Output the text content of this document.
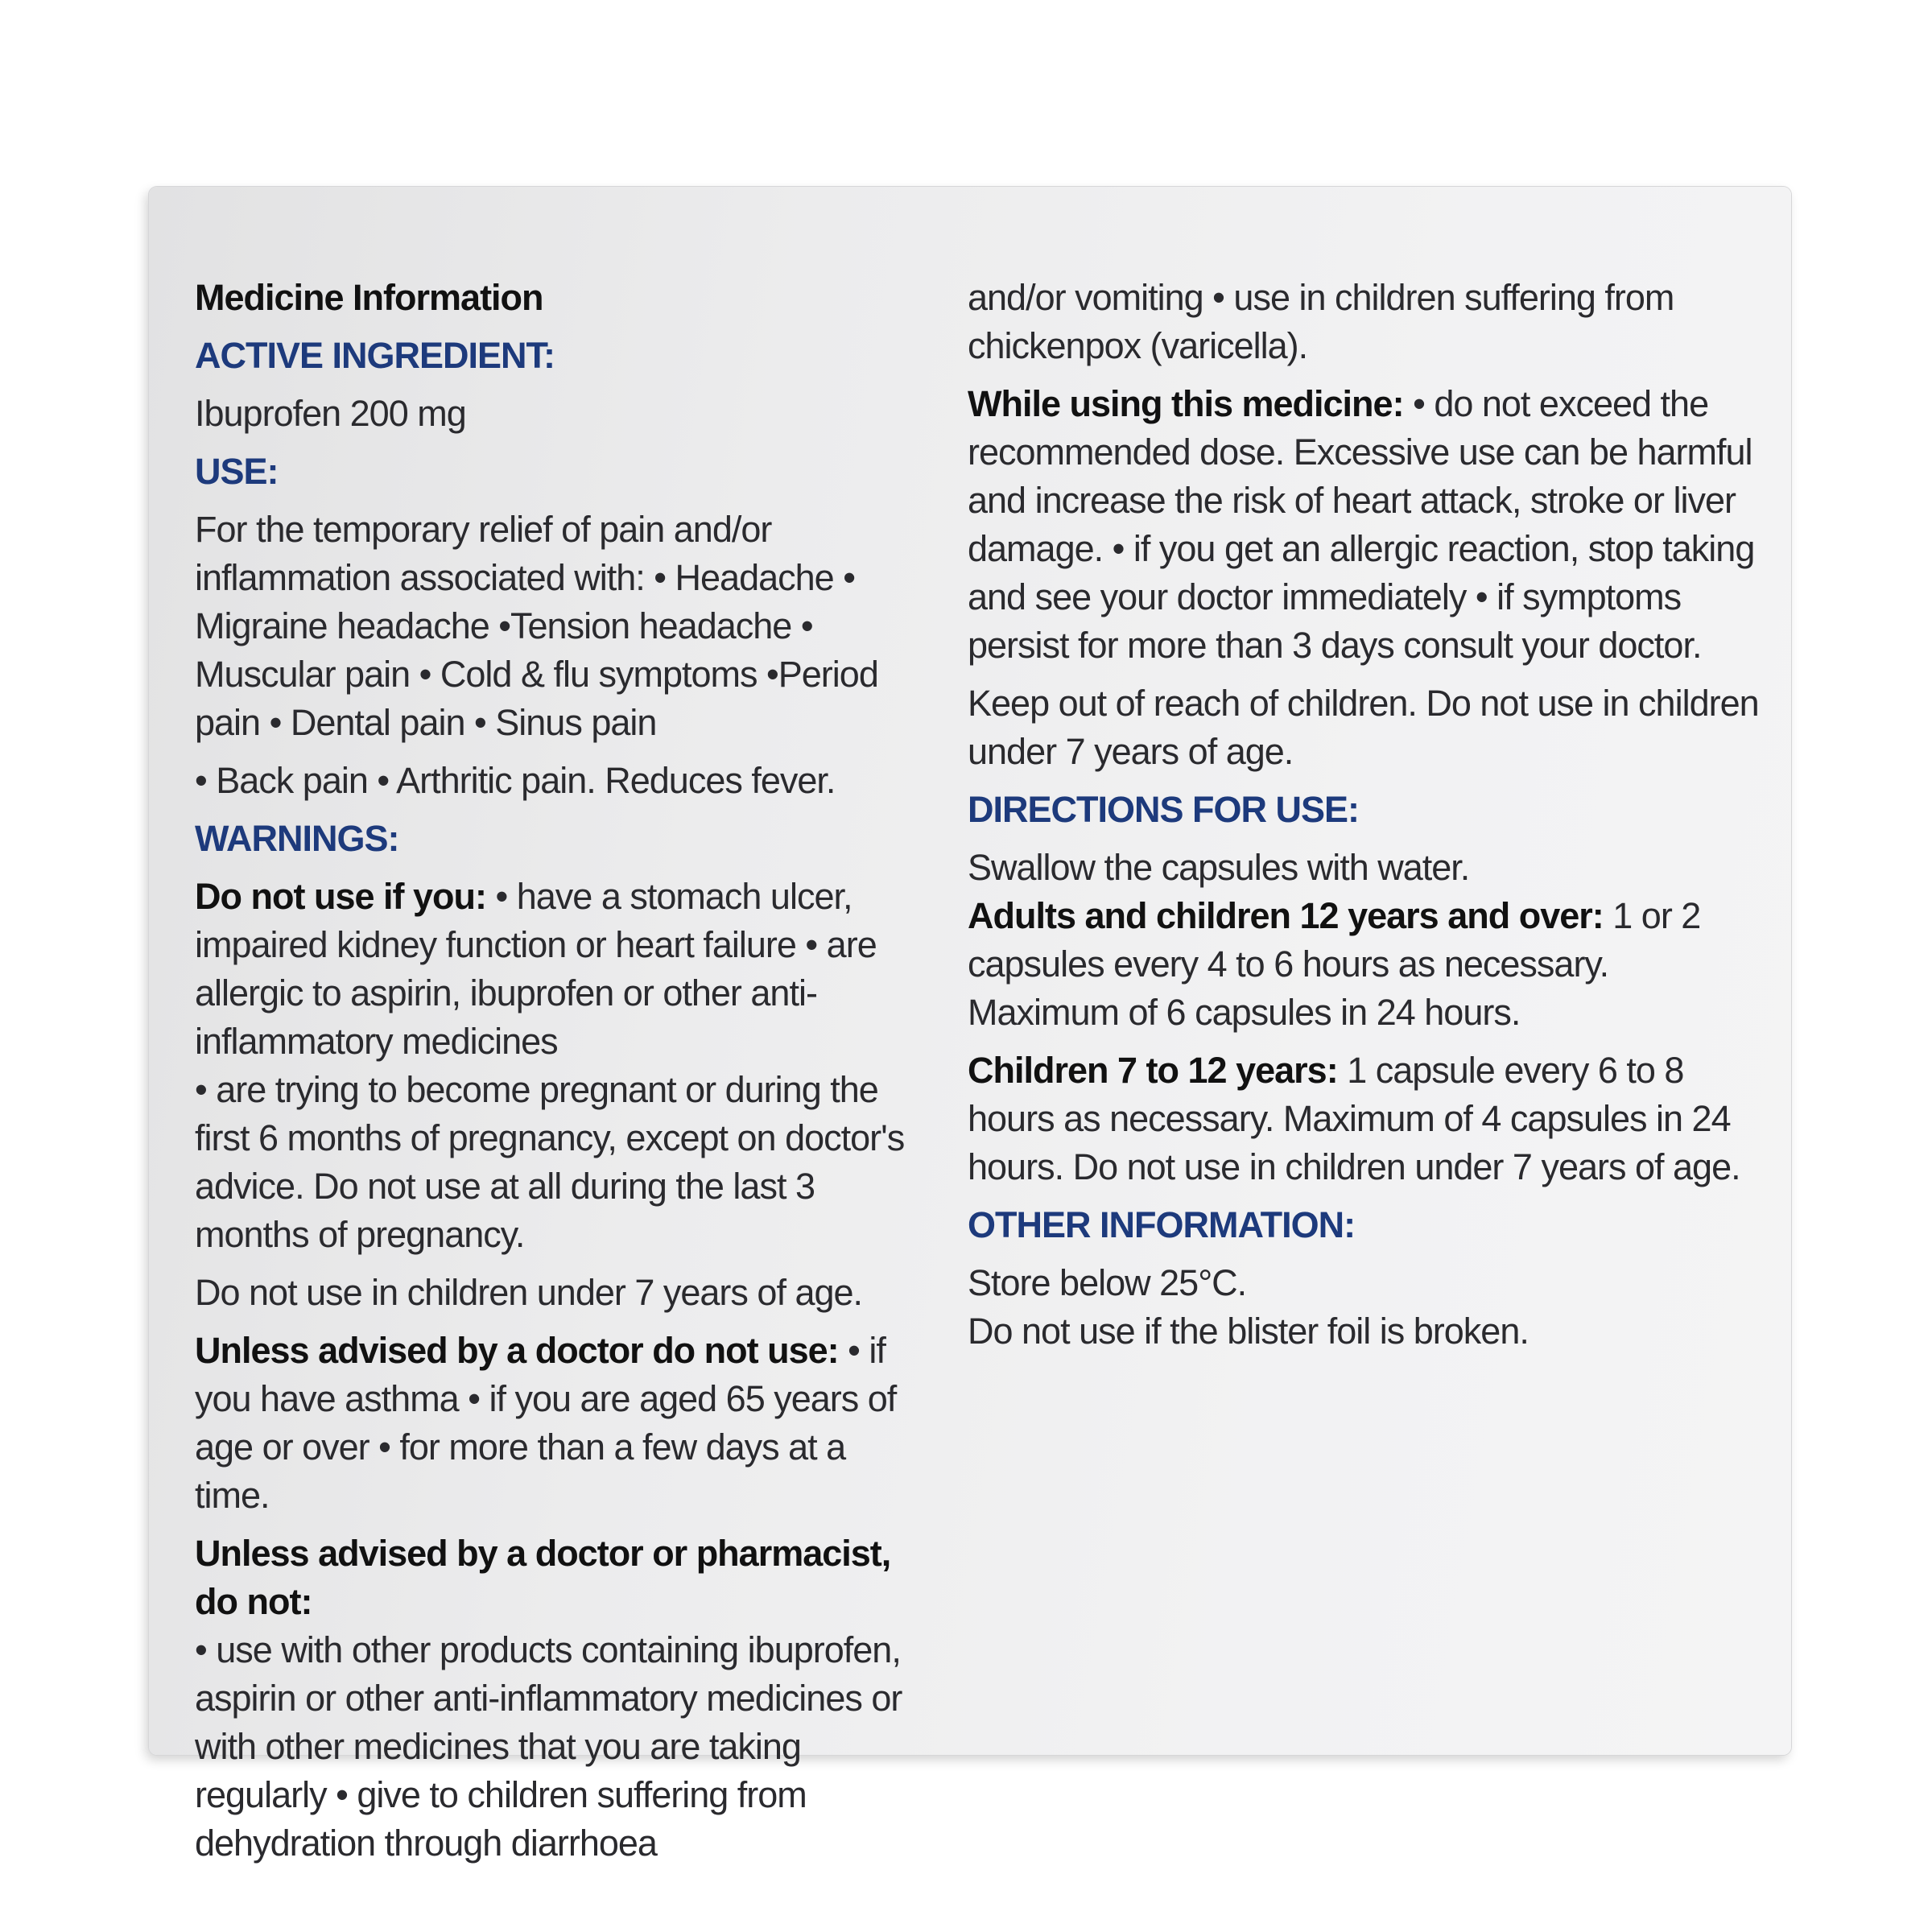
Medicine Information

ACTIVE INGREDIENT:

Ibuprofen 200 mg

USE:

For the temporary relief of pain and/or inflammation associated with: • Headache • Migraine headache •Tension headache • Muscular pain • Cold & flu symptoms •Period pain • Dental pain • Sinus pain

• Back pain • Arthritic pain. Reduces fever.

WARNINGS:

Do not use if you: • have a stomach ulcer, impaired kidney function or heart failure • are allergic to aspirin, ibuprofen or other anti-inflammatory medicines

• are trying to become pregnant or during the first 6 months of pregnancy, except on doctor's advice. Do not use at all during the last 3 months of pregnancy.

Do not use in children under 7 years of age.

Unless advised by a doctor do not use: • if you have asthma • if you are aged 65 years of age or over • for more than a few days at a time.

Unless advised by a doctor or pharmacist, do not:

• use with other products containing ibuprofen, aspirin or other anti-inflammatory medicines or with other medicines that you are taking regularly • give to children suffering from dehydration through diarrhoea

and/or vomiting • use in children suffering from chickenpox (varicella).

While using this medicine: • do not exceed the recommended dose. Excessive use can be harmful and increase the risk of heart attack, stroke or liver damage. • if you get an allergic reaction, stop taking and see your doctor immediately • if symptoms persist for more than 3 days consult your doctor.

Keep out of reach of children. Do not use in children under 7 years of age.

DIRECTIONS FOR USE:

Swallow the capsules with water.

Adults and children 12 years and over: 1 or 2 capsules every 4 to 6 hours as necessary. Maximum of 6 capsules in 24 hours.

Children 7 to 12 years: 1 capsule every 6 to 8 hours as necessary. Maximum of 4 capsules in 24 hours. Do not use in children under 7 years of age.

OTHER INFORMATION:

Store below 25°C.

Do not use if the blister foil is broken.
